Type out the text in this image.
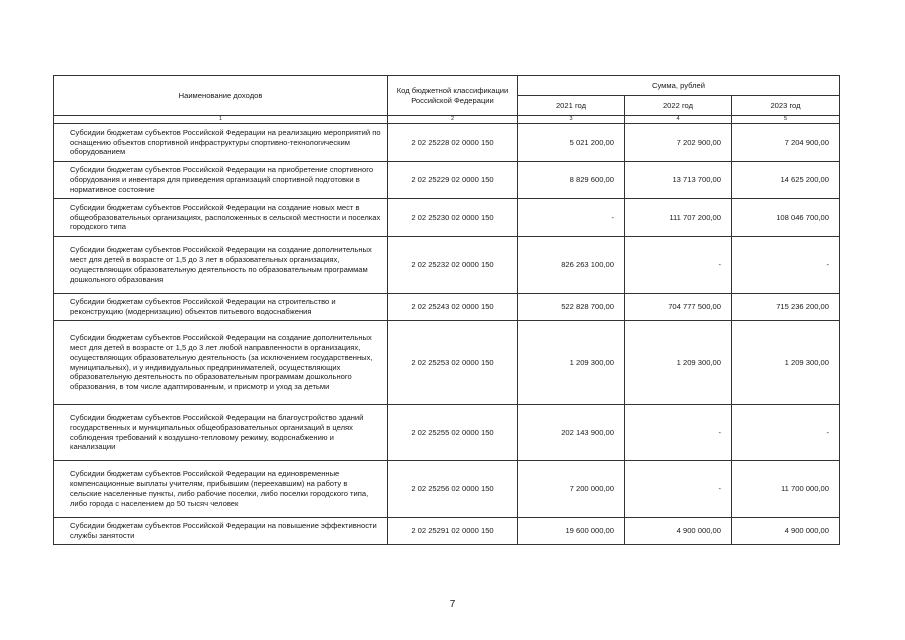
Наименование доходов	Код бюджетной классификации Российской Федерации	Сумма, рублей		
		2021 год	2022 год	2023 год
1	2	3	4	5
Субсидии бюджетам субъектов Российской Федерации на реализацию мероприятий по оснащению объектов спортивной инфраструктуры спортивно-технологическим оборудованием	2 02 25228 02 0000 150	5 021 200,00	7 202 900,00	7 204 900,00
Субсидии бюджетам субъектов Российской Федерации на приобретение спортивного оборудования и инвентаря для приведения организаций спортивной подготовки в нормативное состояние	2 02 25229 02 0000 150	8 829 600,00	13 713 700,00	14 625 200,00
Субсидии бюджетам субъектов Российской Федерации на создание новых мест в общеобразовательных организациях, расположенных в сельской местности и поселках городского типа	2 02 25230 02 0000 150	-	111 707 200,00	108 046 700,00
Субсидии бюджетам субъектов Российской Федерации на создание дополнительных мест для детей в возрасте от 1,5 до 3 лет в образовательных организациях, осуществляющих образовательную деятельность по образовательным программам дошкольного образования	2 02 25232 02 0000 150	826 263 100,00	-	-
Субсидии бюджетам субъектов Российской Федерации на строительство и реконструкцию (модернизацию) объектов питьевого водоснабжения	2 02 25243 02 0000 150	522 828 700,00	704 777 500,00	715 236 200,00
Субсидии бюджетам субъектов Российской Федерации на создание дополнительных мест для детей в возрасте от 1,5 до 3 лет любой направленности в организациях, осуществляющих образовательную деятельность (за исключением государственных, муниципальных), и у индивидуальных предпринимателей, осуществляющих образовательную деятельность по образовательным программам дошкольного образования, в том числе адаптированным, и присмотр и уход за детьми	2 02 25253 02 0000 150	1 209 300,00	1 209 300,00	1 209 300,00
Субсидии бюджетам субъектов Российской Федерации на благоустройство зданий государственных и муниципальных общеобразовательных организаций в целях соблюдения требований к воздушно-тепловому режиму, водоснабжению и канализации	2 02 25255 02 0000 150	202 143 900,00	-	-
Субсидии бюджетам субъектов Российской Федерации на единовременные компенсационные выплаты учителям, прибывшим (переехавшим) на работу в сельские населенные пункты, либо рабочие поселки, либо поселки городского типа, либо города с населением до 50 тысяч человек	2 02 25256 02 0000 150	7 200 000,00	-	11 700 000,00
Субсидии бюджетам субъектов Российской Федерации на повышение эффективности службы занятости	2 02 25291 02 0000 150	19 600 000,00	4 900 000,00	4 900 000,00
7
